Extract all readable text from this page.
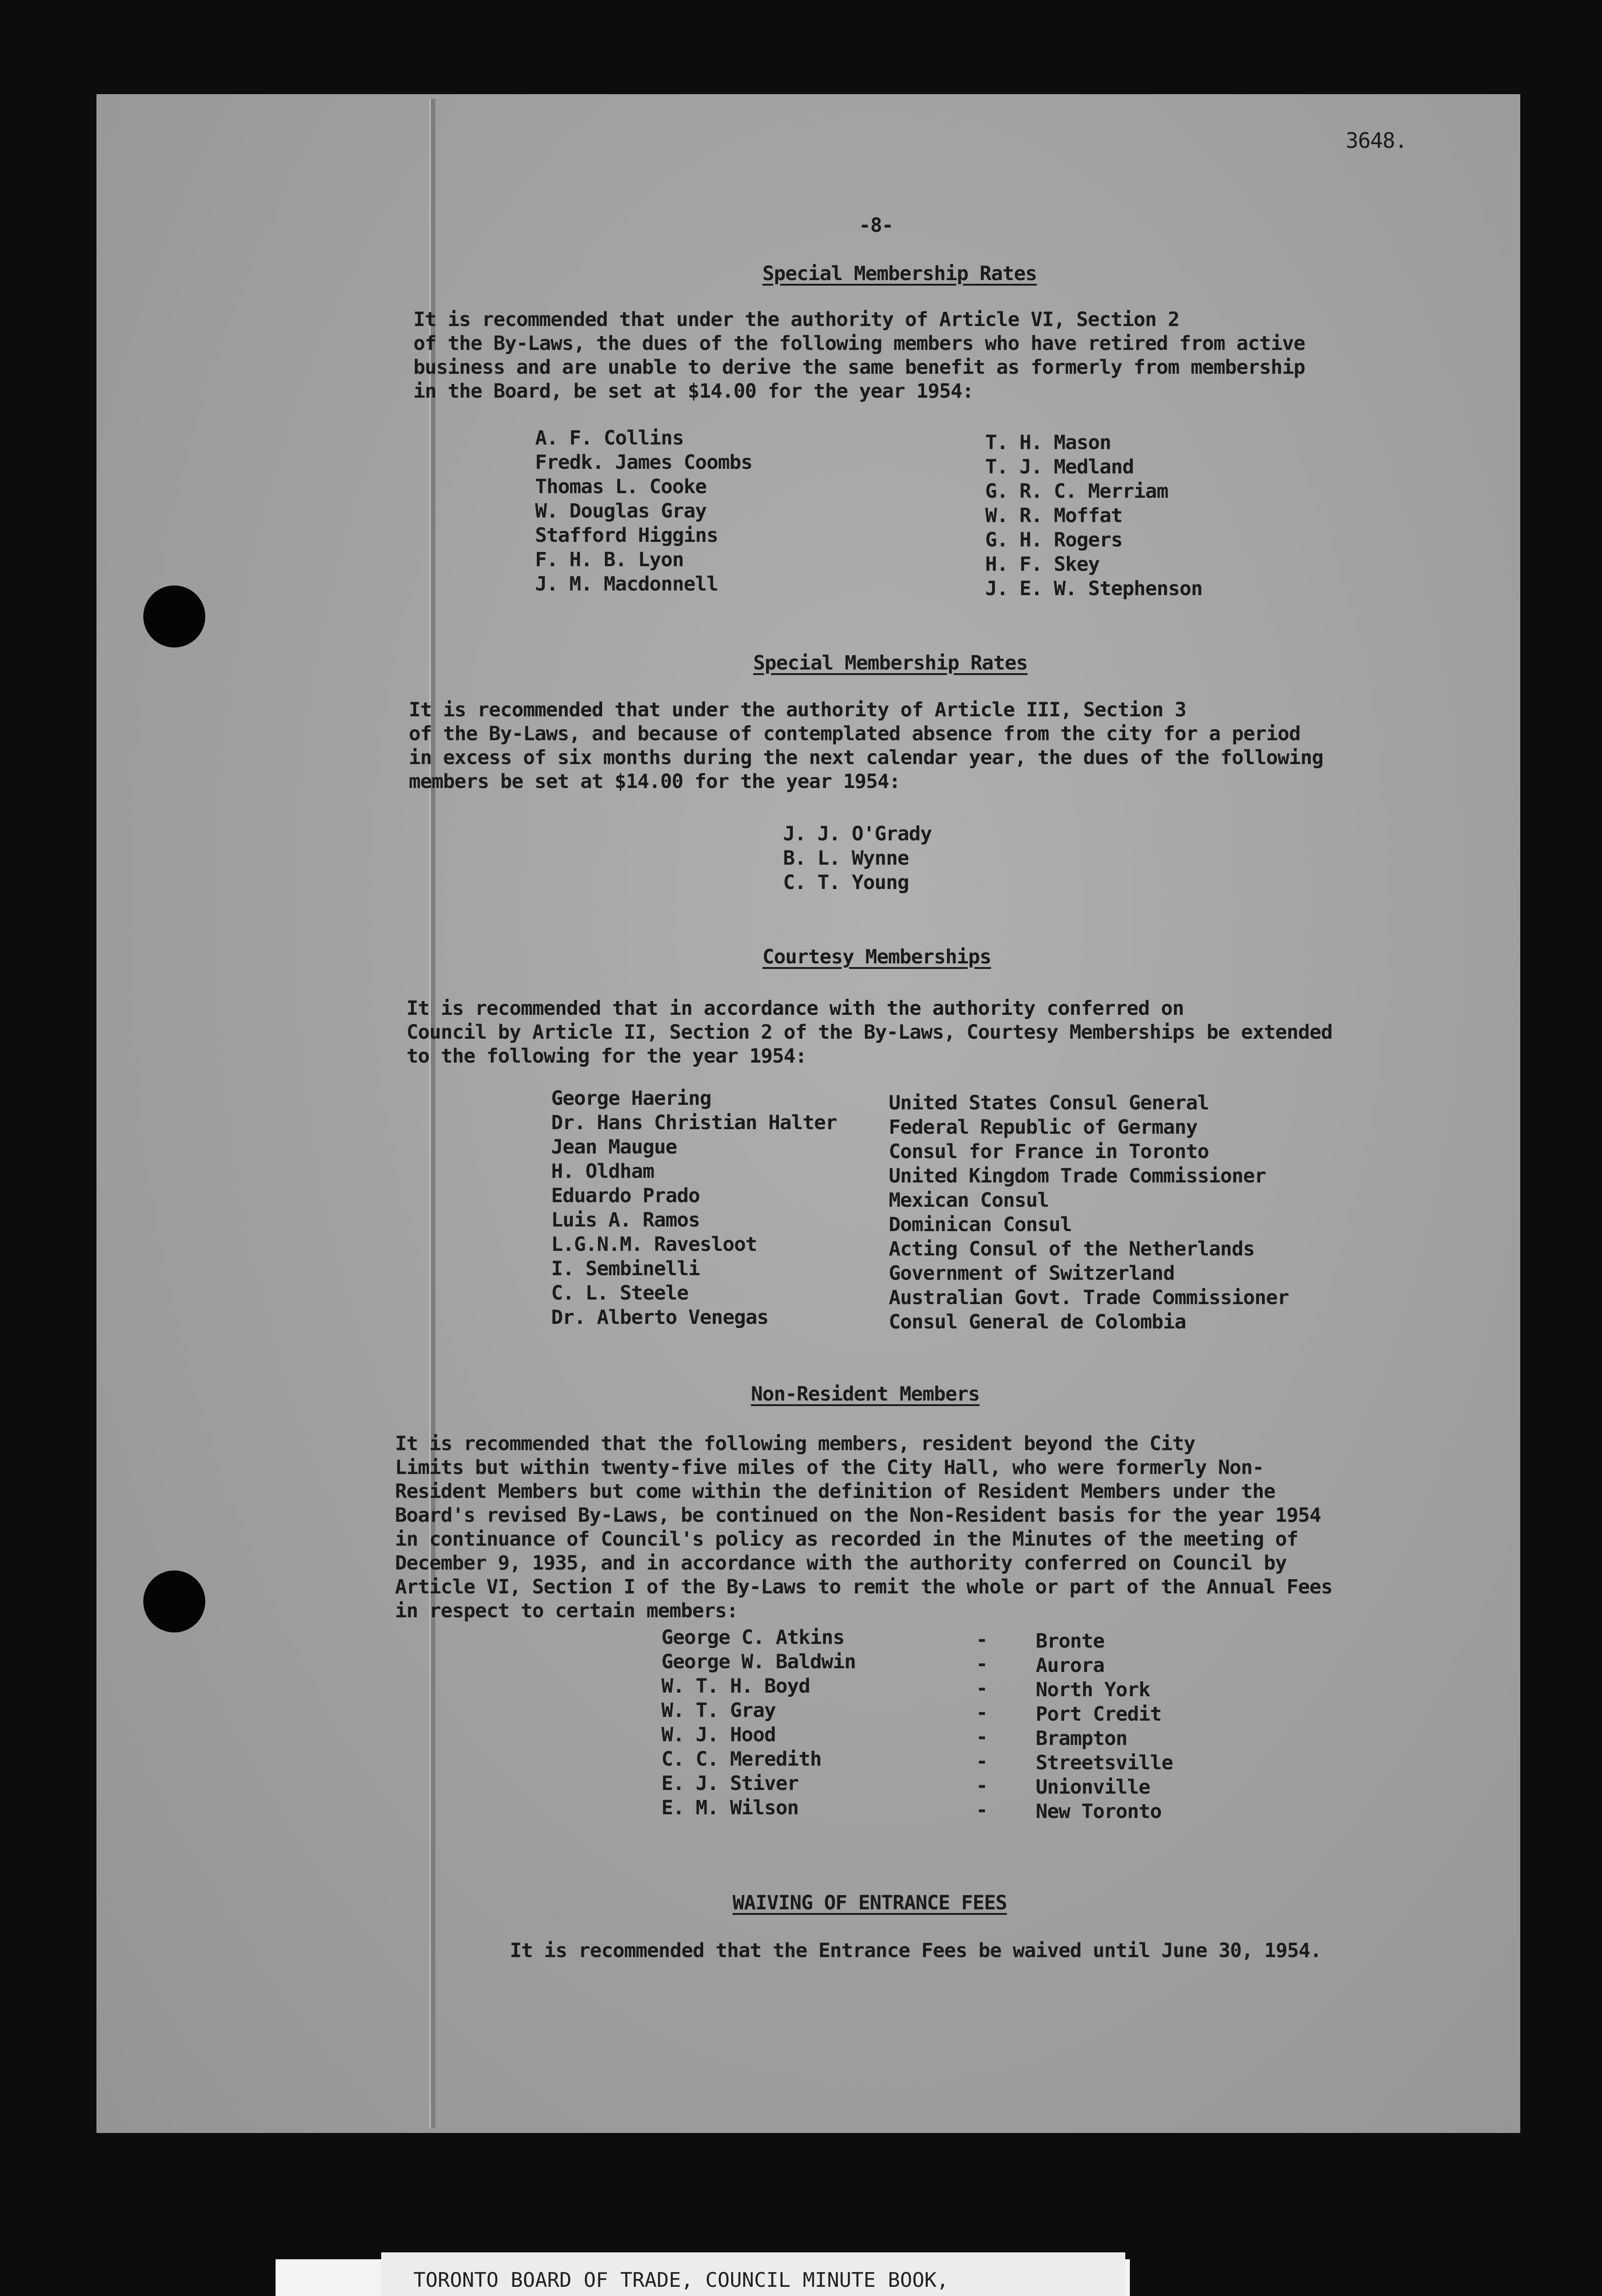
3648.
-8-
Special Membership Rates
It is recommended that under the authority of Article VI, Section 2
of the By-Laws, the dues of the following members who have retired from active
business and are unable to derive the same benefit as formerly from membership
in the Board, be set at $14.00 for the year 1954:
A. F. Collins
Fredk. James Coombs
Thomas L. Cooke
W. Douglas Gray
Stafford Higgins
F. H. B. Lyon
J. M. Macdonnell
T. H. Mason
T. J. Medland
G. R. C. Merriam
W. R. Moffat
G. H. Rogers
H. F. Skey
J. E. W. Stephenson
Special Membership Rates
It is recommended that under the authority of Article III, Section 3
of the By-Laws, and because of contemplated absence from the city for a period
in excess of six months during the next calendar year, the dues of the following
members be set at $14.00 for the year 1954:
J. J. O'Grady
B. L. Wynne
C. T. Young
Courtesy Memberships
It is recommended that in accordance with the authority conferred on
Council by Article II, Section 2 of the By-Laws, Courtesy Memberships be extended
to the following for the year 1954:
George Haering
Dr. Hans Christian Halter
Jean Maugue
H. Oldham
Eduardo Prado
Luis A. Ramos
L.G.N.M. Ravesloot
I. Sembinelli
C. L. Steele
Dr. Alberto Venegas
United States Consul General
Federal Republic of Germany
Consul for France in Toronto
United Kingdom Trade Commissioner
Mexican Consul
Dominican Consul
Acting Consul of the Netherlands
Government of Switzerland
Australian Govt. Trade Commissioner
Consul General de Colombia
Non-Resident Members
It is recommended that the following members, resident beyond the City
Limits but within twenty-five miles of the City Hall, who were formerly Non-
Resident Members but come within the definition of Resident Members under the
Board's revised By-Laws, be continued on the Non-Resident basis for the year 1954
in continuance of Council's policy as recorded in the Minutes of the meeting of
December 9, 1935, and in accordance with the authority conferred on Council by
Article VI, Section I of the By-Laws to remit the whole or part of the Annual Fees
in respect to certain members:
George C. Atkins
George W. Baldwin
W. T. H. Boyd
W. T. Gray
W. J. Hood
C. C. Meredith
E. J. Stiver
E. M. Wilson
-
-
-
-
-
-
-
-
Bronte
Aurora
North York
Port Credit
Brampton
Streetsville
Unionville
New Toronto
WAIVING OF ENTRANCE FEES
It is recommended that the Entrance Fees be waived until June 30, 1954.
TORONTO BOARD OF TRADE, COUNCIL MINUTE BOOK,
